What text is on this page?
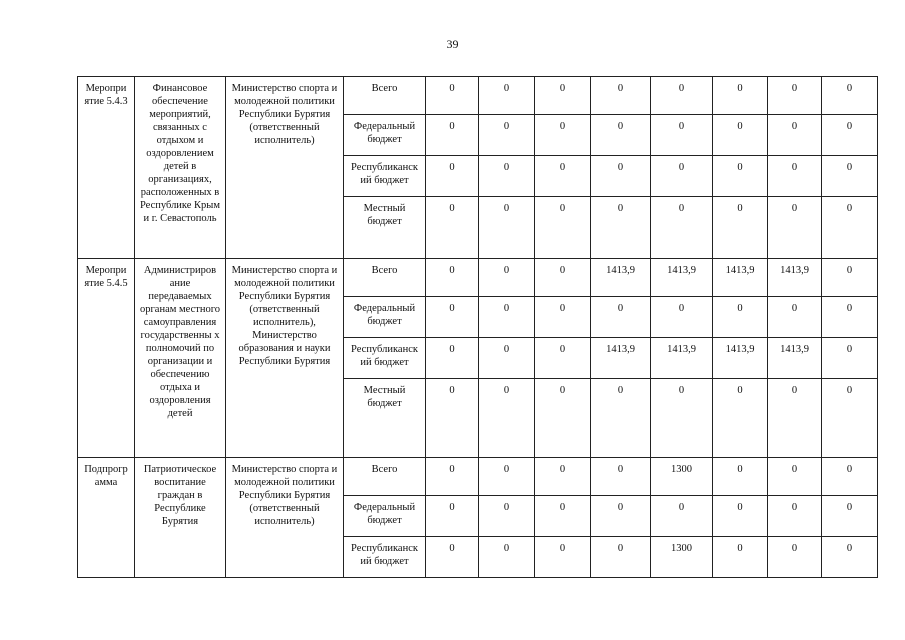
39
Меропри ятие 5.4.3	Финансовое обеспечение мероприятий, связанных с отдыхом и оздоровлением детей в организациях, расположенных в Республике Крым и г. Севастополь	Министерство спорта и молодежной политики Республики Бурятия (ответственный исполнитель)	Всего	0	0	0	0	0	0	0	0
			Федеральный бюджет	0	0	0	0	0	0	0	0
			Республиканск ий бюджет	0	0	0	0	0	0	0	0
			Местный бюджет	0	0	0	0	0	0	0	0
Меропри ятие 5.4.5	Администриров ание передаваемых органам местного самоуправления государственны х полномочий по организации и обеспечению отдыха и оздоровления детей	Министерство спорта и молодежной политики Республики Бурятия (ответственный исполнитель), Министерство образования и науки Республики Бурятия	Всего	0	0	0	1413,9	1413,9	1413,9	1413,9	0
			Федеральный бюджет	0	0	0	0	0	0	0	0
			Республиканск ий бюджет	0	0	0	1413,9	1413,9	1413,9	1413,9	0
			Местный бюджет	0	0	0	0	0	0	0	0
Подпрогр амма	Патриотическое воспитание граждан в Республике Бурятия	Министерство спорта и молодежной политики Республики Бурятия (ответственный исполнитель)	Всего	0	0	0	0	1300	0	0	0
			Федеральный бюджет	0	0	0	0	0	0	0	0
			Республиканск ий бюджет	0	0	0	0	1300	0	0	0
